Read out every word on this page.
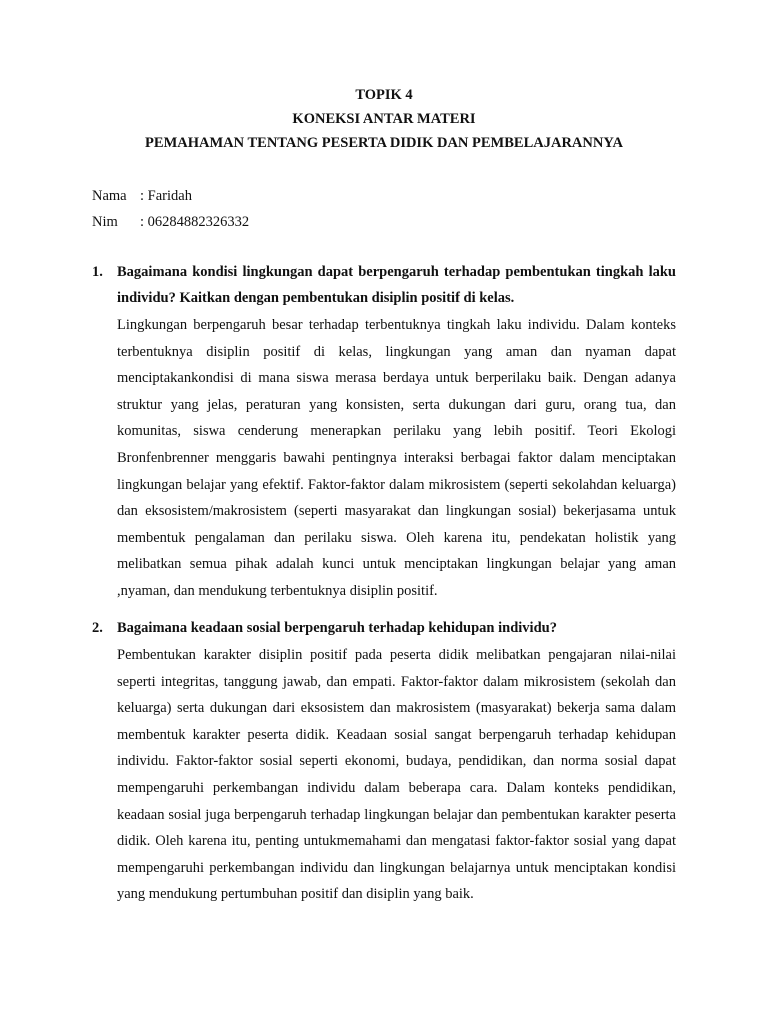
TOPIK 4
KONEKSI ANTAR MATERI
PEMAHAMAN TENTANG PESERTA DIDIK DAN PEMBELAJARANNYA
Nama : Faridah
Nim	: 06284882326332
1. Bagaimana kondisi lingkungan dapat berpengaruh terhadap pembentukan tingkah laku individu? Kaitkan dengan pembentukan disiplin positif di kelas.

Lingkungan berpengaruh besar terhadap terbentuknya tingkah laku individu. Dalam konteks terbentuknya disiplin positif di kelas, lingkungan yang aman dan nyaman dapat menciptakankondisi di mana siswa merasa berdaya untuk berperilaku baik. Dengan adanya struktur yang jelas, peraturan yang konsisten, serta dukungan dari guru, orang tua, dan komunitas, siswa cenderung menerapkan perilaku yang lebih positif. Teori Ekologi Bronfenbrenner menggaris bawahi pentingnya interaksi berbagai faktor dalam menciptakan lingkungan belajar yang efektif. Faktor-faktor dalam mikrosistem (seperti sekolahdan keluarga) dan eksosistem/makrosistem (seperti masyarakat dan lingkungan sosial) bekerjasama untuk membentuk pengalaman dan perilaku siswa. Oleh karena itu, pendekatan holistik yang melibatkan semua pihak adalah kunci untuk menciptakan lingkungan belajar yang aman ,nyaman, dan mendukung terbentuknya disiplin positif.

2. Bagaimana keadaan sosial berpengaruh terhadap kehidupan individu?

Pembentukan karakter disiplin positif pada peserta didik melibatkan pengajaran nilai-nilai seperti integritas, tanggung jawab, dan empati. Faktor-faktor dalam mikrosistem (sekolah dan keluarga) serta dukungan dari eksosistem dan makrosistem (masyarakat) bekerja sama dalam membentuk karakter peserta didik. Keadaan sosial sangat berpengaruh terhadap kehidupan individu. Faktor-faktor sosial seperti ekonomi, budaya, pendidikan, dan norma sosial dapat mempengaruhi perkembangan individu dalam beberapa cara. Dalam konteks pendidikan, keadaan sosial juga berpengaruh terhadap lingkungan belajar dan pembentukan karakter peserta didik. Oleh karena itu, penting untukmemahami dan mengatasi faktor-faktor sosial yang dapat mempengaruhi perkembangan individu dan lingkungan belajarnya untuk menciptakan kondisi yang mendukung pertumbuhan positif dan disiplin yang baik.
